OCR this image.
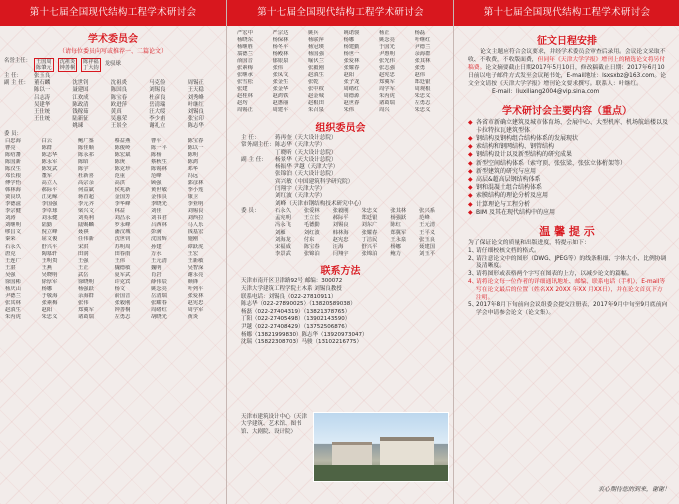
第十七届全国现代结构工程学术研讨会
学术委员会
（请每位委员向写或推荐一、二篇论文）
名誉主任： 王国周
陈肇元
沈祖炎
钟善桐
陈祥福
丁大钧
龙驭球
主 任：	张玉良
副 主 任： 董石麟	沈世钊	沈祖炎	马克俭	周锡正
陈以一	聂建国	陈国良	刘锡良	王天稳
吕志涛	江欢成	陈宝春	杜彦良	刘秀峰
吴建华	陈政清	欧进萍	岳清瑞	叶继红
王仕统	钱稼茹	黄真	汪大绥	刘锡良
王仕统	陆新征	吴惠荣	李少甫	张宝印
姚谏	王景全	谢礼立	陈志华
委 员：
白忠海	白云	鲍广鉴	蔡益燕	曹平	陈宝春
曹亮	陈群	陈佳顺	陈俊岭	陈一平	陈以一
陈绍蕃	陈志华	陈永祁	陈宏斌	陈杨	陈明
陈国新	陈永军	陈昭	陈庚	蔡秋生	陈鸿
陈汉生	陈发武	陈宇	陈克珍	陈锡林	邓华
邓长根	董军	杜新喜	范重	范峰	冯远
傅学怡	高立人	高宗余	高洪	顾强	郭彦林
韩林海	郝际平	何益斌	侯兆新	黄世敏	季小莲
贾良玖	江见鲸	蒋首超	金国芳	金伟良	康卫
李德滋	李国强	李元齐	李华峰	李晓光	李亚明
李宗健	李卓球	梁兴文	林益	刘佳	刘锡良
刘涛	刘永健	刘英利	刘昌永	刘书君	刘西拉
刘继明	陆勤	陆赐麟	罗永峰	吕西林	马人乐
缪昌文	倪立峰	聂祺	潘汉城	彭满	钱基宏
秦荣	屈文俊	任伟新	沈世钊	沈国辉	施刚
石永久	舒兴平	宋洪	苏明周	孙建	谭跃虎
唐克	陶慕轩	田润	田春雨	万水	王宏
王连广	王明贵	王强	王伟	王元清	王新敏
王湛	王燕	王正	魏德敏	魏明	吴智深
吴强	吴晓明	武岳	夏军武	肖岩	谢永亮
徐国彬	徐厚军	徐晓明	许克宾	薛伟辰	颜锋
杨庆山	杨娜	杨强跃	杨文	姚念亮	叶列平
尹德兰	于敬海	余海群	俞国音	岳清瑞	张爱林
张其林	张素梅	张伟	张毅刚	张耀春	赵宪忠
赵滇生	赵阳	郑冀军	钟善桐	周绪红	周学军
朱丙虎	朱忠义	诸葛瑞	左勇志	胡晓光	黄炎
第十七届全国现代结构工程学术研讨会
严宏中	严宗达	姚兵	姚诺骏	杨正	杨磊
杨晓东	杨保林	杨联萍	杨娜	姚念亮	叶继红
杨继胜	杨冬平	杨冠瑛	杨建勤	于国光	尹德兰
翁德兰	杨殿林	杨国强	杨世一	尹惠明	余海群
俞国音	郁银泉	喻伏兰	张爱林	张光伟	张其林
张素梅	张伟	张毅刚	张耀春	张志强	张勇
张继承	张凤文	赵滇生	赵阳	赵宪忠	赵伟
张雪松	张金生	张乾	张子龙	郑冀军	郑廷银
张建	张金华	张中权	周绪红	周学军	周观根
赵桂林	赵鸿铁	赵金城	周德源	朱丙虎	朱忠义
赵均	赵惠丽	赵根田	赵世春	诸葛瑞	左勇志
周锡正	周建平	朱召泉	朱伟	周兴	朱忠义
组织委员会
主 任：	蒋再奎（天大设计总院）
常务副主任： 陈志华（天津大学）
丁晓昕（天大设计总院）
副 主 任：	杨景华（天大设计总院）
杨振华 尹越（天津大学）
张锦泊（天大设计总院）
宾兴敏（中国建筑科学研究院）
闫翔宇（天津大学）
刘红波（天津大学）
刘峰（天津市钢结构技术研究中心）
委 员：	石永久	张爱林	张毅刚	朱忠义	张其林	张兴系
孟宪明	王立长	郝际平	郑廷银	杨强跃	范峰
冯永飞	毛德勤	刘锡良	刘东广	陈红	王元清
刘雁	刘红波	韩林海	张耀春	郑冀军	王平义
刘海龙	付东	赵宪忠	丁洁民	王永泉	张玉良
宋福成	陈宝春	汪海	舒兴平	杨娜	聂建国
李景武	张锦泊	闫翔宇	张锦泊	鲍力	刘玉平
联系方法
天津市南开区卫津路92号 邮编：300072
天津大学建筑工程学院土木系 刘锡良教授
联系电话：刘锡良（022-27810911）
陈志华（022-27890025）（13820589038）
杨磊（022-27404319）（13821378765）
丁阳（022-27405498）（13902143590）
尹越（022-27408429）（13752506876）
杨娜（13821999830）陈志华（13920973047）
沈瑞（15822308703）马骏（13102216775）
天津市建筑设计中心（天津大学建筑、艺术馆、图书馆、大剧院、设计院）
第十七届全国现代结构工程学术研讨会
征文日程安排
论文主题应符合会议要求，并经学术委员会审查后录用。会议论文采取不收、不收费，不收版面费，但同年《天津大学学报》增刊上的精选论文将另付稿费。论文摘要截止日期2017年5月10日，修改稿截止日期：2017年6月10日前以电子邮件方式发至会议秘书处，E-mail地址：lsxsxbz@163.com。论文全文请按《天津大学学报》增刊论文要求撰写。联系人：叶继红。
E-mail：liuxiliang2004@vip.sina.com
学术研讨会主要内容（重点）
◆ 各省市新确立建筑及城市体育场、会展中心、大型机库、机场航站楼以及卡拉特拉瓦建筑型体
◆ 钢结构及钢构组合结构体系的发展现状
◆ 索结构和钢网结构、钢管结构
◆ 钢结构设计以及新型结构的研究成果
◆ 新型空间结构体系（索穹顶、张弦梁、张弦立体桁架等）
◆ 新型建筑的研究与应用
◆ 高层&超高层钢结构体系
◆ 钢和混凝土组合结构体系
◆ 索膜结构的理论分析及应用
◆ 计算理论与工程分析
◆ BIM 及其在现代结构中的应用
温 馨 提 示
为了保证论文的质量和出版进度，特提示如下：
1、
请仔细校核文档的格式。
2、
请注意论文中的图形（DWG、JPEG等）的线条粗细、字体大小、比例协调及清晰度。
3、
请将图形或表格两个字写在图表的上方，以减少论文的篇幅。
4、
请将论文每一位作者的详细通讯地址、邮编、联系电话（手机），E-mail等写在论文最后的位置（姓名XX 20XX 年XX 月XX日），并在论文首页下方注明。
5、
2017年8月下旬前向会议组委会提交注册表，2017年9月中旬至9月底前向学会申请参会论文（论文集）。
衷心期待您的到来，谢谢！
